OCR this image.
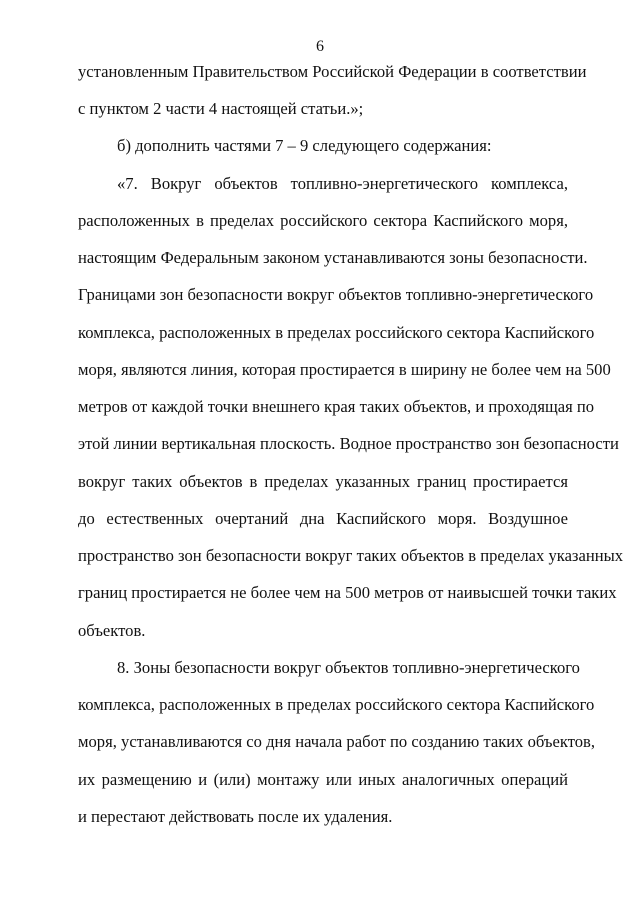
6
установленным Правительством Российской Федерации в соответствии
с пунктом 2 части 4 настоящей статьи.»;
б) дополнить частями 7 – 9 следующего содержания:
«7. Вокруг объектов топливно-энергетического комплекса,
расположенных в пределах российского сектора Каспийского моря,
настоящим Федеральным законом устанавливаются зоны безопасности.
Границами зон безопасности вокруг объектов топливно-энергетического
комплекса, расположенных в пределах российского сектора Каспийского
моря, являются линия, которая простирается в ширину не более чем на 500
метров от каждой точки внешнего края таких объектов, и проходящая по
этой линии вертикальная плоскость. Водное пространство зон безопасности
вокруг таких объектов в пределах указанных границ простирается
до естественных очертаний дна Каспийского моря. Воздушное
пространство зон безопасности вокруг таких объектов в пределах указанных
границ простирается не более чем на 500 метров от наивысшей точки таких
объектов.
8. Зоны безопасности вокруг объектов топливно-энергетического
комплекса, расположенных в пределах российского сектора Каспийского
моря, устанавливаются со дня начала работ по созданию таких объектов,
их размещению и (или) монтажу или иных аналогичных операций
и перестают действовать после их удаления.
